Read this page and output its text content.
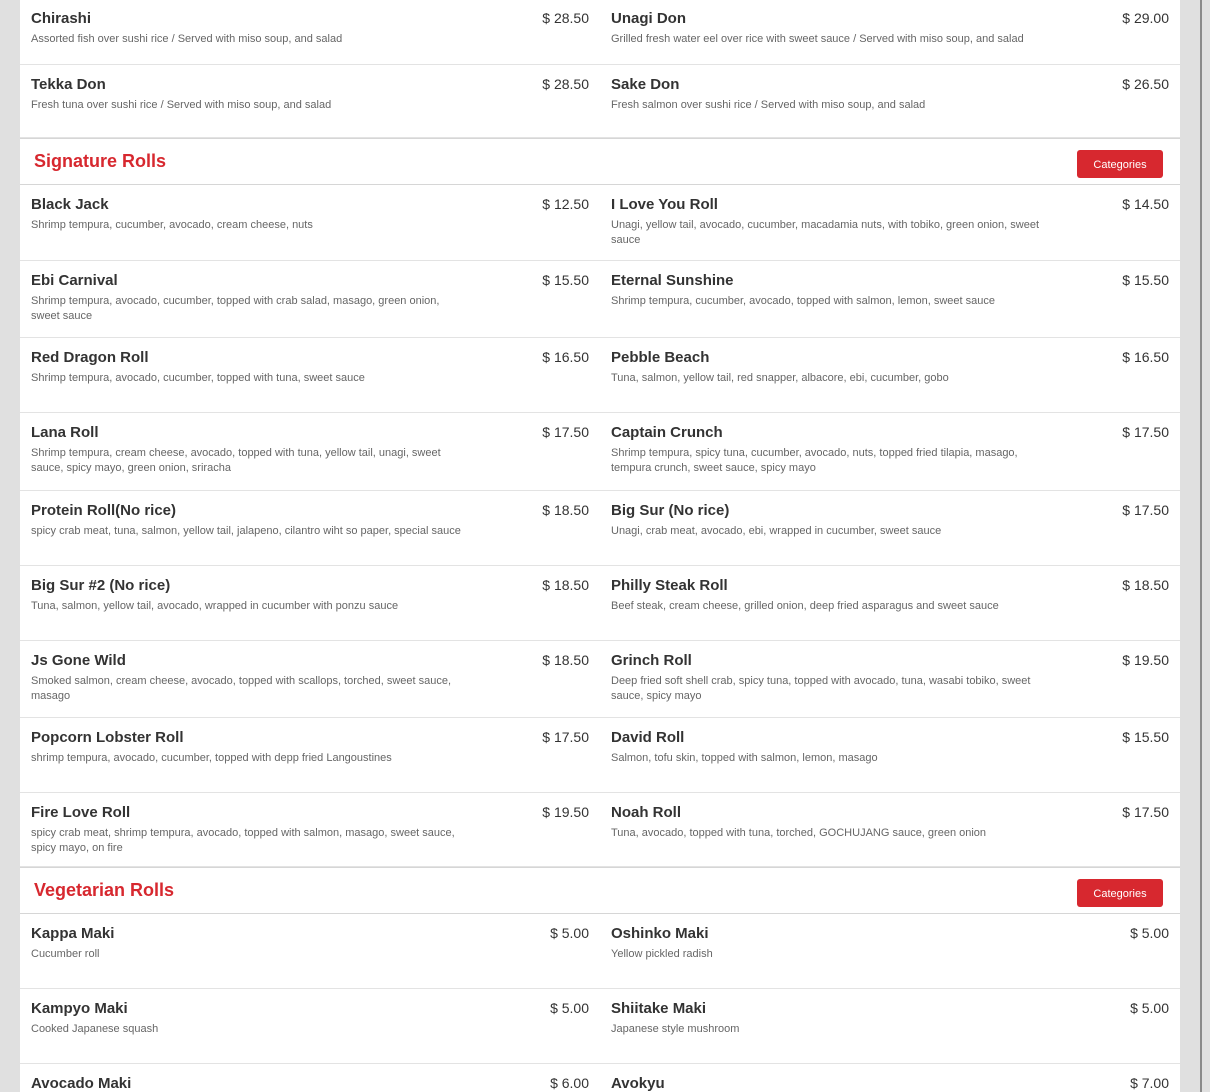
Chirashi	$ 28.50
Assorted fish over sushi rice / Served with miso soup, and salad
Unagi Don	$ 29.00
Grilled fresh water eel over rice with sweet sauce / Served with miso soup, and salad
Tekka Don	$ 28.50
Fresh tuna over sushi rice / Served with miso soup, and salad
Sake Don	$ 26.50
Fresh salmon over sushi rice / Served with miso soup, and salad
Signature Rolls	Categories
Black Jack	$ 12.50
Shrimp tempura, cucumber, avocado, cream cheese, nuts
I Love You Roll	$ 14.50
Unagi, yellow tail, avocado, cucumber, macadamia nuts, with tobiko, green onion, sweet sauce
Ebi Carnival	$ 15.50
Shrimp tempura, avocado, cucumber, topped with crab salad, masago, green onion, sweet sauce
Eternal Sunshine	$ 15.50
Shrimp tempura, cucumber, avocado, topped with salmon, lemon, sweet sauce
Red Dragon Roll	$ 16.50
Shrimp tempura, avocado, cucumber, topped with tuna, sweet sauce
Pebble Beach	$ 16.50
Tuna, salmon, yellow tail, red snapper, albacore, ebi, cucumber, gobo
Lana Roll	$ 17.50
Shrimp tempura, cream cheese, avocado, topped with tuna, yellow tail, unagi, sweet sauce, spicy mayo, green onion, sriracha
Captain Crunch	$ 17.50
Shrimp tempura, spicy tuna, cucumber, avocado, nuts, topped fried tilapia, masago, tempura crunch, sweet sauce, spicy mayo
Protein Roll(No rice)	$ 18.50
spicy crab meat, tuna, salmon, yellow tail, jalapeno, cilantro wiht so paper, special sauce
Big Sur (No rice)	$ 17.50
Unagi, crab meat, avocado, ebi, wrapped in cucumber, sweet sauce
Big Sur #2 (No rice)	$ 18.50
Tuna, salmon, yellow tail, avocado, wrapped in cucumber with ponzu sauce
Philly Steak Roll	$ 18.50
Beef steak, cream cheese, grilled onion, deep fried asparagus and sweet sauce
Js Gone Wild	$ 18.50
Smoked salmon, cream cheese, avocado, topped with scallops, torched, sweet sauce, masago
Grinch Roll	$ 19.50
Deep fried soft shell crab, spicy tuna, topped with avocado, tuna, wasabi tobiko, sweet sauce, spicy mayo
Popcorn Lobster Roll	$ 17.50
shrimp tempura, avocado, cucumber, topped with depp fried Langoustines
David Roll	$ 15.50
Salmon, tofu skin, topped with salmon, lemon, masago
Fire Love Roll	$ 19.50
spicy crab meat, shrimp tempura, avocado, topped with salmon, masago, sweet sauce, spicy mayo, on fire
Noah Roll	$ 17.50
Tuna, avocado, topped with tuna, torched, GOCHUJANG sauce, green onion
Vegetarian Rolls	Categories
Kappa Maki	$ 5.00
Cucumber roll
Oshinko Maki	$ 5.00
Yellow pickled radish
Kampyo Maki	$ 5.00
Cooked Japanese squash
Shiitake Maki	$ 5.00
Japanese style mushroom
Avocado Maki	$ 6.00 Avokyu	$ 7.00
